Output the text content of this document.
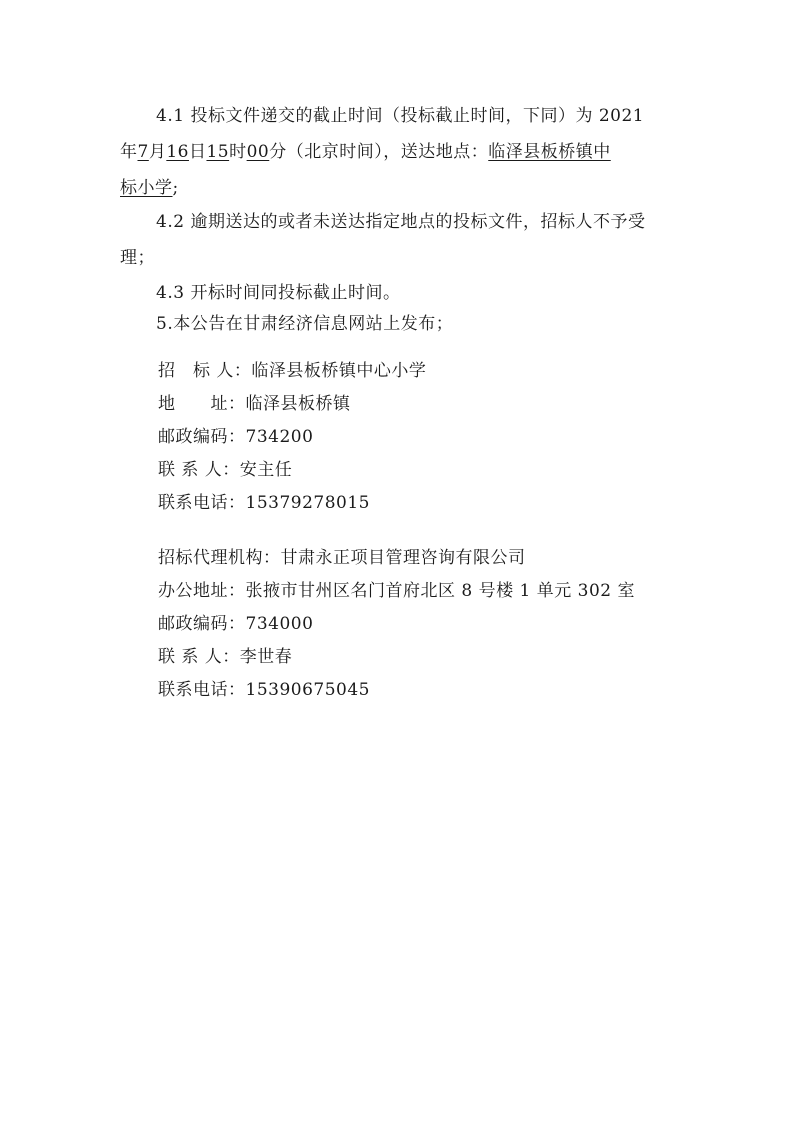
4.1 投标文件递交的截止时间（投标截止时间，下同）为 2021
年7月16日15时00分（北京时间），送达地点：临泽县板桥镇中
标小学;
4.2 逾期送达的或者未送达指定地点的投标文件，招标人不予受
理；
4.3 开标时间同投标截止时间。
5.本公告在甘肃经济信息网站上发布；
招　标 人：临泽县板桥镇中心小学
地　　址：临泽县板桥镇
邮政编码：734200
联 系 人：安主任
联系电话：15379278015
招标代理机构：甘肃永正项目管理咨询有限公司
办公地址：张掖市甘州区名门首府北区 8 号楼 1 单元 302 室
邮政编码：734000
联 系 人：李世春
联系电话：15390675045
